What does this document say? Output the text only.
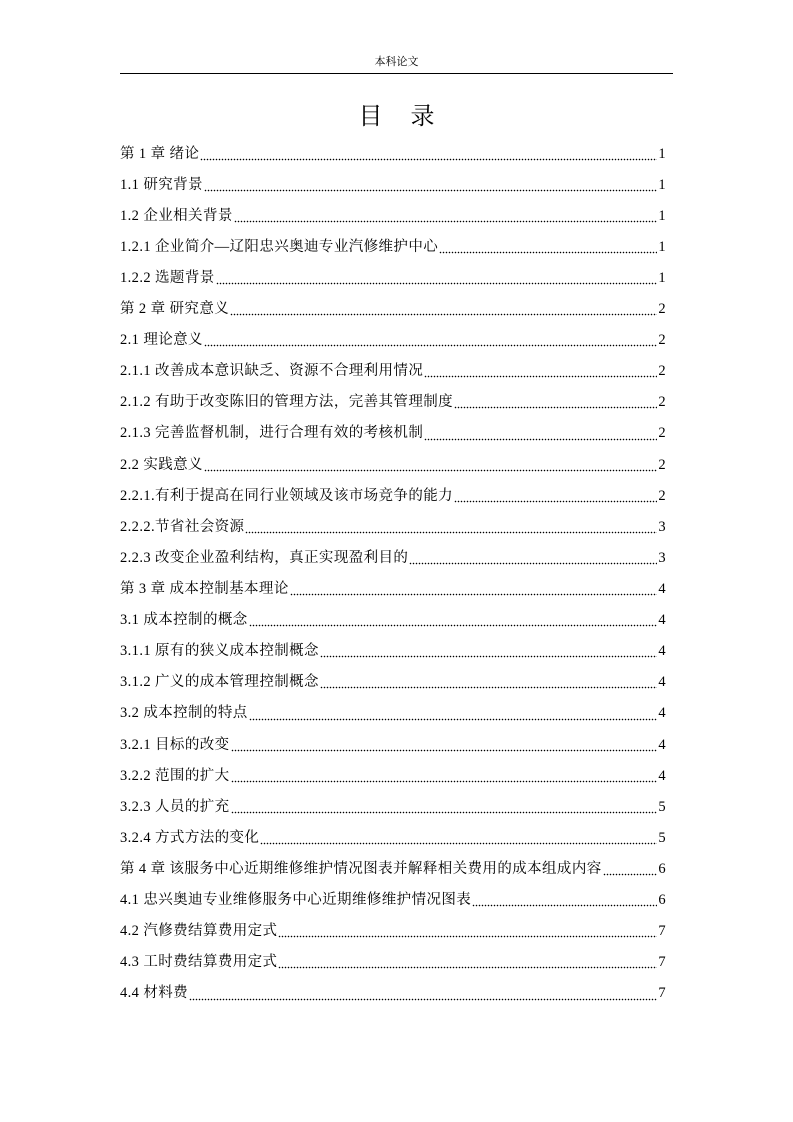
本科论文
目 录
第 1 章 绪论	1
1.1 研究背景	1
1.2 企业相关背景	1
1.2.1 企业简介—辽阳忠兴奥迪专业汽修维护中心	1
1.2.2 选题背景	1
第 2 章 研究意义	2
2.1 理论意义	2
2.1.1 改善成本意识缺乏、资源不合理利用情况	2
2.1.2 有助于改变陈旧的管理方法，完善其管理制度	2
2.1.3 完善监督机制，进行合理有效的考核机制	2
2.2 实践意义	2
2.2.1.有利于提高在同行业领域及该市场竞争的能力	2
2.2.2.节省社会资源	3
2.2.3 改变企业盈利结构，真正实现盈利目的	3
第 3 章 成本控制基本理论	4
3.1 成本控制的概念	4
3.1.1 原有的狭义成本控制概念	4
3.1.2 广义的成本管理控制概念	4
3.2 成本控制的特点	4
3.2.1 目标的改变	4
3.2.2 范围的扩大	4
3.2.3 人员的扩充	5
3.2.4 方式方法的变化	5
第 4 章 该服务中心近期维修维护情况图表并解释相关费用的成本组成内容	6
4.1 忠兴奥迪专业维修服务中心近期维修维护情况图表	6
4.2 汽修费结算费用定式	7
4.3 工时费结算费用定式	7
4.4 材料费	7
